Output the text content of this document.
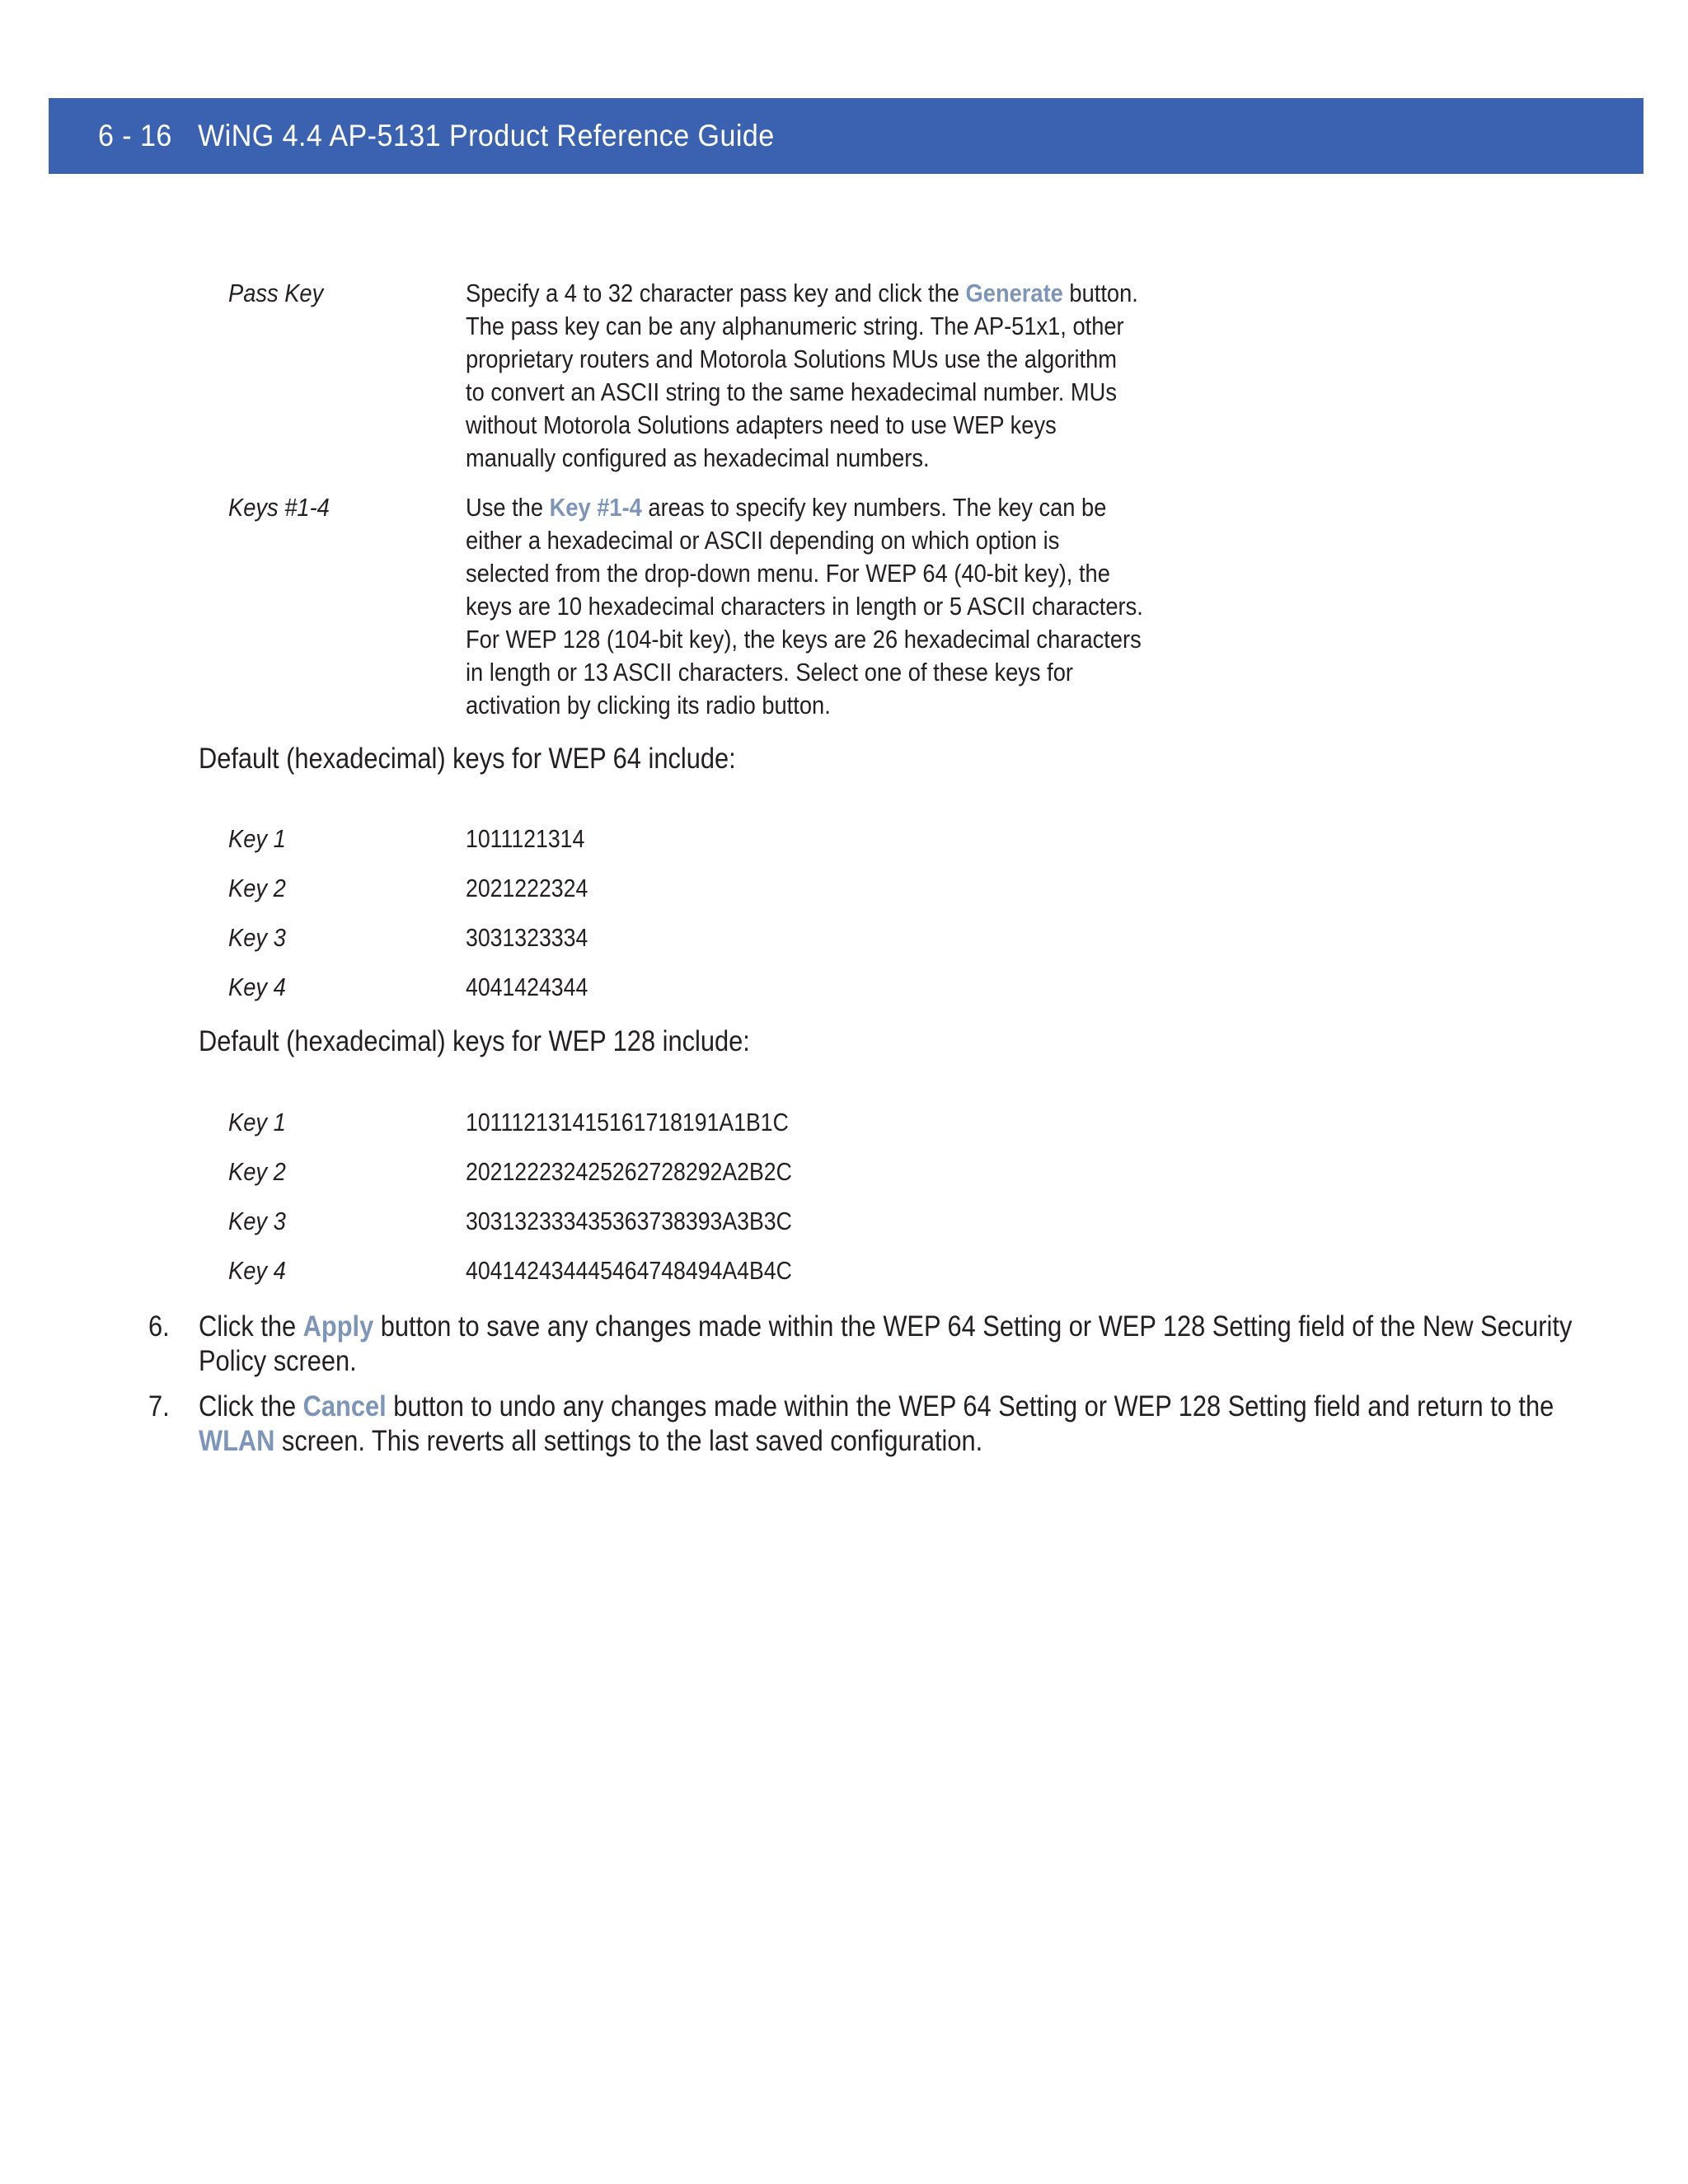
6 - 16 WiNG 4.4 AP-5131 Product Reference Guide
Pass Key	Specify a 4 to 32 character pass key and click the Generate button.
The pass key can be any alphanumeric string. The AP-51x1, other
proprietary routers and Motorola Solutions MUs use the algorithm
to convert an ASCII string to the same hexadecimal number. MUs
without Motorola Solutions adapters need to use WEP keys
manually configured as hexadecimal numbers.
Keys #1-4	Use the Key #1-4 areas to specify key numbers. The key can be
either a hexadecimal or ASCII depending on which option is
selected from the drop-down menu. For WEP 64 (40-bit key), the
keys are 10 hexadecimal characters in length or 5 ASCII characters.
For WEP 128 (104-bit key), the keys are 26 hexadecimal characters
in length or 13 ASCII characters. Select one of these keys for
activation by clicking its radio button.
Default (hexadecimal) keys for WEP 64 include:
Key 1	1011121314
Key 2	2021222324
Key 3	3031323334
Key 4	4041424344
Default (hexadecimal) keys for WEP 128 include:
Key 1	101112131415161718191A1B1C
Key 2	202122232425262728292A2B2C
Key 3	303132333435363738393A3B3C
Key 4	404142434445464748494A4B4C
6. Click the Apply button to save any changes made within the WEP 64 Setting or WEP 128 Setting field of the New Security
Policy screen.
7. Click the Cancel button to undo any changes made within the WEP 64 Setting or WEP 128 Setting field and return to the
WLAN screen. This reverts all settings to the last saved configuration.
